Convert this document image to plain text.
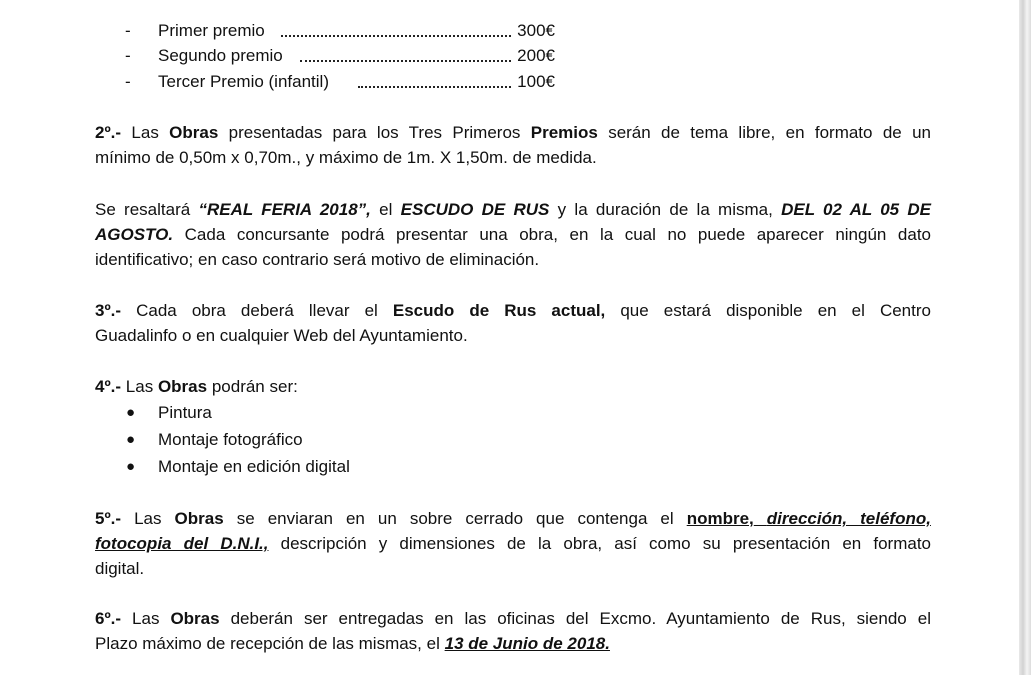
- Primer premio	300€
- Segundo premio	200€
- Tercer Premio (infantil)	100€
2º.- Las Obras presentadas para los Tres Primeros Premios serán de tema libre, en formato de un
mínimo de 0,50m x 0,70m., y máximo de 1m. X 1,50m. de medida.
Se resaltará “REAL FERIA 2018”, el ESCUDO DE RUS y la duración de la misma, DEL 02 AL 05 DE
AGOSTO. Cada concursante podrá presentar una obra, en la cual no puede aparecer ningún dato
identificativo; en caso contrario será motivo de eliminación.
3º.- Cada obra deberá llevar el Escudo de Rus actual, que estará disponible en el Centro
Guadalinfo o en cualquier Web del Ayuntamiento.
4º.- Las Obras podrán ser:
● Pintura
● Montaje fotográfico
● Montaje en edición digital
5º.- Las Obras se enviaran en un sobre cerrado que contenga el nombre, dirección, teléfono,
fotocopia del D.N.I., descripción y dimensiones de la obra, así como su presentación en formato
digital.
6º.- Las Obras deberán ser entregadas en las oficinas del Excmo. Ayuntamiento de Rus, siendo el
Plazo máximo de recepción de las mismas, el 13 de Junio de 2018.
